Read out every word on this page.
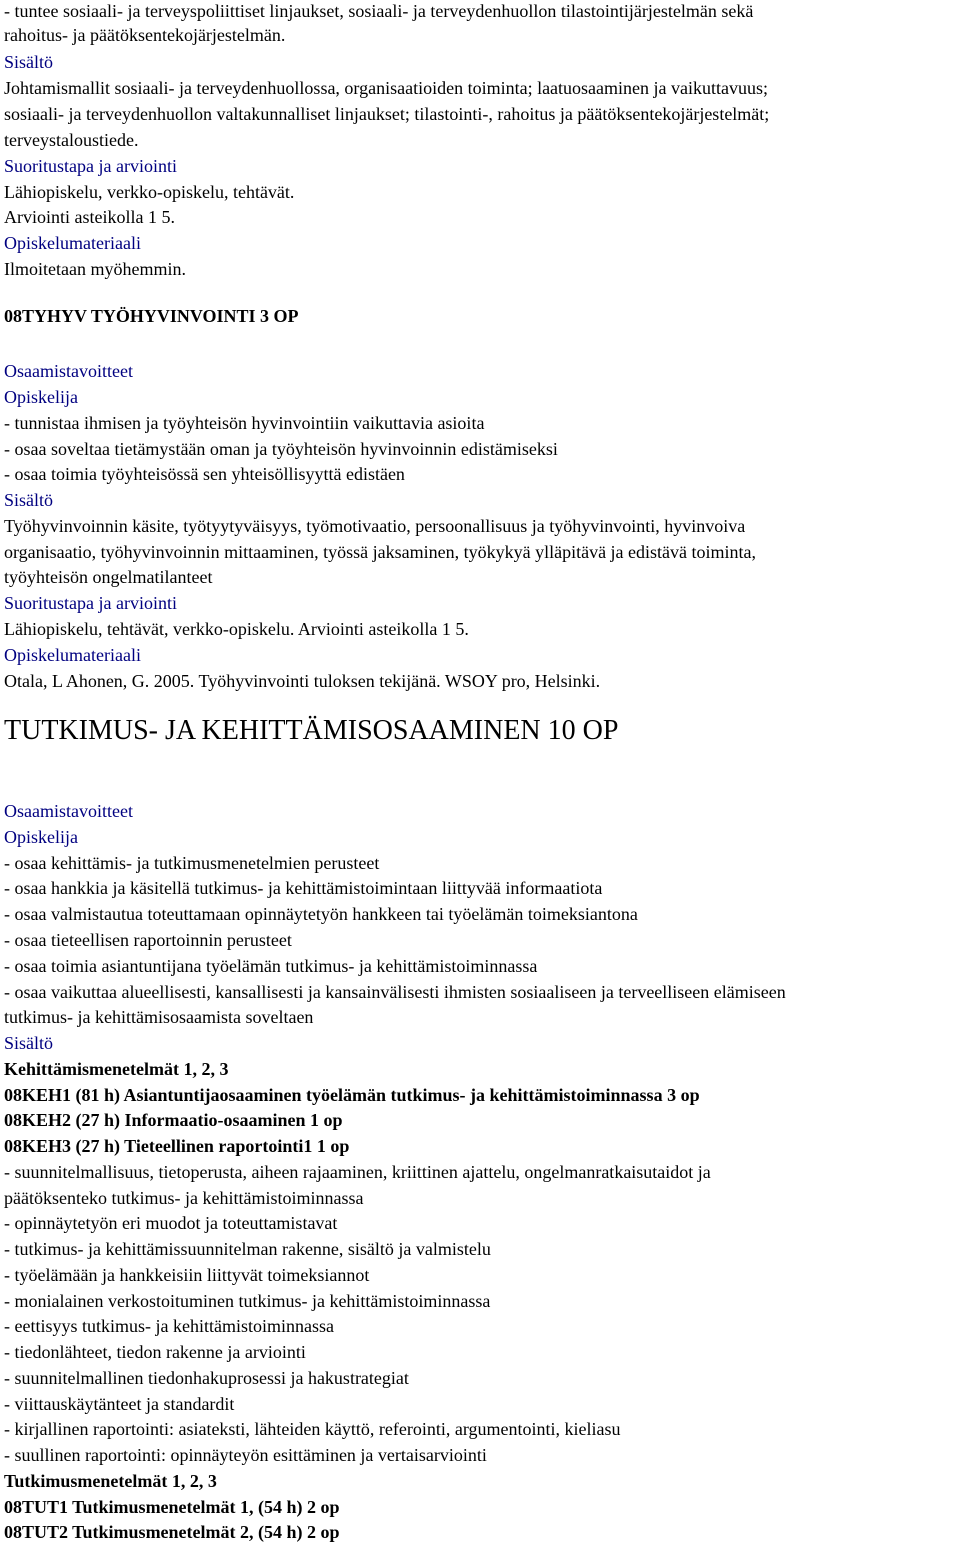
- tuntee sosiaali- ja terveyspoliittiset linjaukset, sosiaali- ja terveydenhuollon tilastointijärjestelmän sekä
rahoitus- ja päätöksentekojärjestelmän.
Sisältö
Johtamismallit sosiaali- ja terveydenhuollossa, organisaatioiden toiminta; laatuosaaminen ja vaikuttavuus;
sosiaali- ja terveydenhuollon valtakunnalliset linjaukset; tilastointi-, rahoitus ja päätöksentekojärjestelmät;
terveystaloustiede.
Suoritustapa ja arviointi
Lähiopiskelu, verkko-opiskelu, tehtävät.
Arviointi asteikolla 1 5.
Opiskelumateriaali
Ilmoitetaan myöhemmin.
08TYHYV TYÖHYVINVOINTI 3 OP
Osaamistavoitteet
Opiskelija
- tunnistaa ihmisen ja työyhteisön hyvinvointiin vaikuttavia asioita
- osaa soveltaa tietämystään oman ja työyhteisön hyvinvoinnin edistämiseksi
- osaa toimia työyhteisössä sen yhteisöllisyyttä edistäen
Sisältö
Työhyvinvoinnin käsite, työtyytyväisyys, työmotivaatio, persoonallisuus ja työhyvinvointi, hyvinvoiva
organisaatio, työhyvinvoinnin mittaaminen, työssä jaksaminen, työkykyä ylläpitävä ja edistävä toiminta,
työyhteisön ongelmatilanteet
Suoritustapa ja arviointi
Lähiopiskelu, tehtävät, verkko-opiskelu. Arviointi asteikolla 1 5.
Opiskelumateriaali
Otala, L Ahonen, G. 2005. Työhyvinvointi tuloksen tekijänä. WSOY pro, Helsinki.
TUTKIMUS- JA KEHITTÄMISOSAAMINEN 10 OP
Osaamistavoitteet
Opiskelija
- osaa kehittämis- ja tutkimusmenetelmien perusteet
- osaa hankkia ja käsitellä tutkimus- ja kehittämistoimintaan liittyvää informaatiota
- osaa valmistautua toteuttamaan opinnäytetyön hankkeen tai työelämän toimeksiantona
- osaa tieteellisen raportoinnin perusteet
- osaa toimia asiantuntijana työelämän tutkimus- ja kehittämistoiminnassa
- osaa vaikuttaa alueellisesti, kansallisesti ja kansainvälisesti ihmisten sosiaaliseen ja terveelliseen elämiseen
tutkimus- ja kehittämisosaamista soveltaen
Sisältö
Kehittämismenetelmät 1, 2, 3
08KEH1 (81 h) Asiantuntijaosaaminen työelämän tutkimus- ja kehittämistoiminnassa 3 op
08KEH2 (27 h) Informaatio-osaaminen 1 op
08KEH3 (27 h) Tieteellinen raportointi1 1 op
- suunnitelmallisuus, tietoperusta, aiheen rajaaminen, kriittinen ajattelu, ongelmanratkaisutaidot ja
päätöksenteko tutkimus- ja kehittämistoiminnassa
- opinnäytetyön eri muodot ja toteuttamistavat
- tutkimus- ja kehittämissuunnitelman rakenne, sisältö ja valmistelu
- työelämään ja hankkeisiin liittyvät toimeksiannot
- monialainen verkostoituminen tutkimus- ja kehittämistoiminnassa
- eettisyys tutkimus- ja kehittämistoiminnassa
- tiedonlähteet, tiedon rakenne ja arviointi
- suunnitelmallinen tiedonhakuprosessi ja hakustrategiat
- viittauskäytänteet ja standardit
- kirjallinen raportointi: asiateksti, lähteiden käyttö, referointi, argumentointi, kieliasu
- suullinen raportointi: opinnäyteyön esittäminen ja vertaisarviointi
Tutkimusmenetelmät 1, 2, 3
08TUT1 Tutkimusmenetelmät 1, (54 h) 2 op
08TUT2 Tutkimusmenetelmät 2, (54 h) 2 op
